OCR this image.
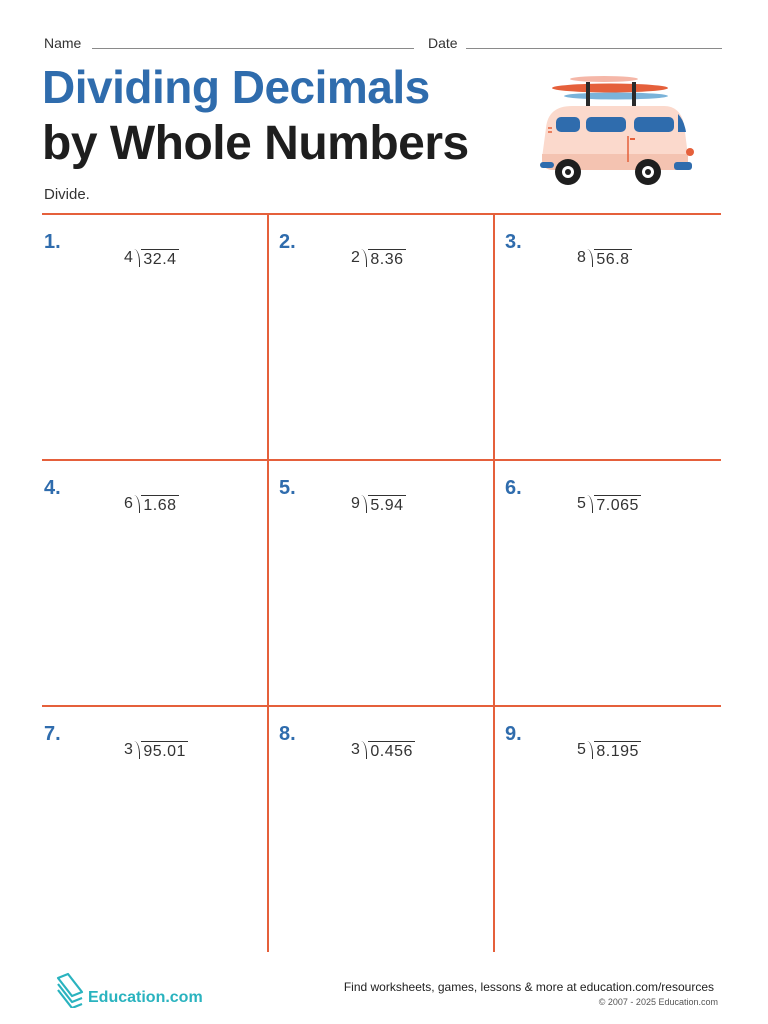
Name	Date
Dividing Decimals
by Whole Numbers
Divide.
1.
4 32.4
2.
2 8.36
3.
8 56.8
4.
6 1.68
5.
9 5.94
6.
5 7.065
7.
3 95.01
8.
3 0.456
9.
5 8.195
Education.com
Find worksheets, games, lessons & more at education.com/resources
© 2007 - 2025 Education.com
